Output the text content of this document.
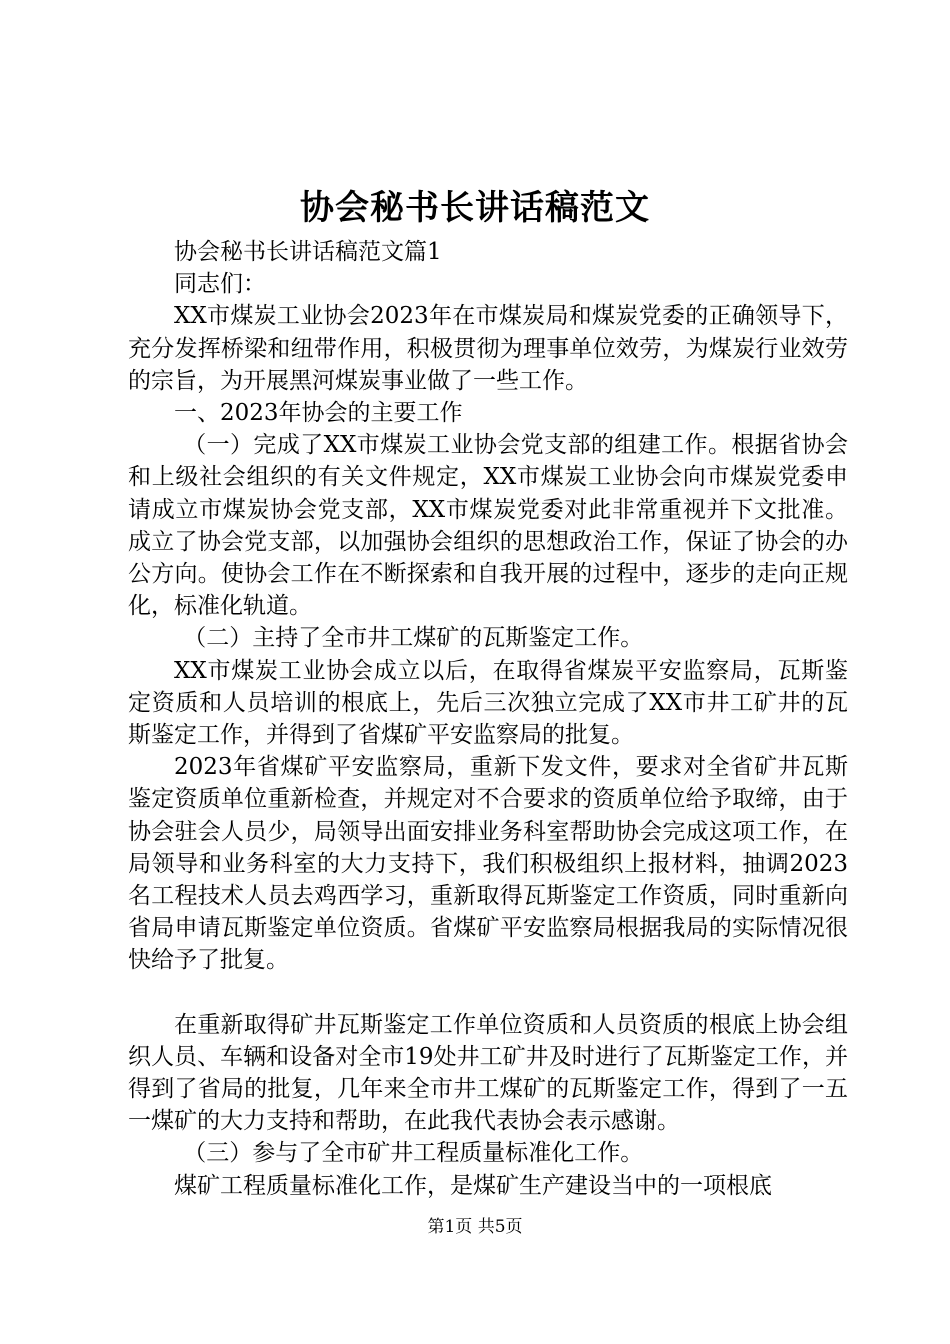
协会秘书长讲话稿范文

协会秘书长讲话稿范文篇1

同志们：

XX市煤炭工业协会2023年在市煤炭局和煤炭党委的正确领导下，充分发挥桥梁和纽带作用，积极贯彻为理事单位效劳，为煤炭行业效劳的宗旨，为开展黑河煤炭事业做了一些工作。

一、2023年协会的主要工作

（一）完成了XX市煤炭工业协会党支部的组建工作。根据省协会和上级社会组织的有关文件规定，XX市煤炭工业协会向市煤炭党委申请成立市煤炭协会党支部，XX市煤炭党委对此非常重视并下文批准。成立了协会党支部，以加强协会组织的思想政治工作，保证了协会的办公方向。使协会工作在不断探索和自我开展的过程中，逐步的走向正规化，标准化轨道。

（二）主持了全市井工煤矿的瓦斯鉴定工作。

XX市煤炭工业协会成立以后，在取得省煤炭平安监察局，瓦斯鉴定资质和人员培训的根底上，先后三次独立完成了XX市井工矿井的瓦斯鉴定工作，并得到了省煤矿平安监察局的批复。

2023年省煤矿平安监察局，重新下发文件，要求对全省矿井瓦斯鉴定资质单位重新检查，并规定对不合要求的资质单位给予取缔，由于协会驻会人员少，局领导出面安排业务科室帮助协会完成这项工作，在局领导和业务科室的大力支持下，我们积极组织上报材料，抽调2023名工程技术人员去鸡西学习，重新取得瓦斯鉴定工作资质，同时重新向省局申请瓦斯鉴定单位资质。省煤矿平安监察局根据我局的实际情况很快给予了批复。

在重新取得矿井瓦斯鉴定工作单位资质和人员资质的根底上协会组织人员、车辆和设备对全市19处井工矿井及时进行了瓦斯鉴定工作，并得到了省局的批复，几年来全市井工煤矿的瓦斯鉴定工作，得到了一五一煤矿的大力支持和帮助，在此我代表协会表示感谢。

（三）参与了全市矿井工程质量标准化工作。

煤矿工程质量标准化工作，是煤矿生产建设当中的一项根底

第1页 共5页
